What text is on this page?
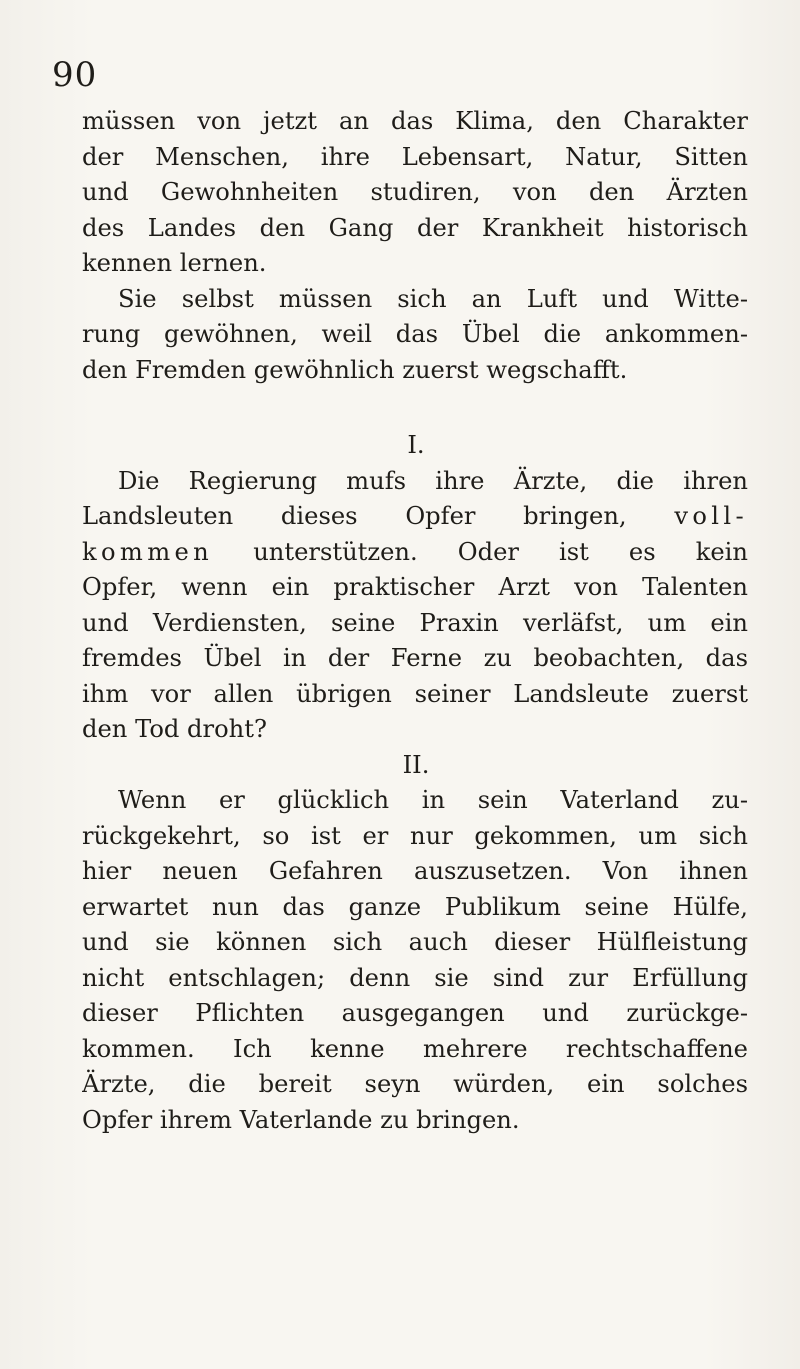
90
müssen von jetzt an das Klima, den Charakter
der Menschen, ihre Lebensart, Natur, Sitten
und Gewohnheiten studiren, von den Ärzten
des Landes den Gang der Krankheit historisch
kennen lernen.
Sie selbst müssen sich an Luft und Witte-
rung gewöhnen, weil das Übel die ankommen-
den Fremden gewöhnlich zuerst wegschafft.
I.
Die Regierung mufs ihre Ärzte, die ihren
Landsleuten dieses Opfer bringen, voll-
kommen unterstützen. Oder ist es kein
Opfer, wenn ein praktischer Arzt von Talenten
und Verdiensten, seine Praxin verläfst, um ein
fremdes Übel in der Ferne zu beobachten, das
ihm vor allen übrigen seiner Landsleute zuerst
den Tod droht?
II.
Wenn er glücklich in sein Vaterland zu-
rückgekehrt, so ist er nur gekommen, um sich
hier neuen Gefahren auszusetzen. Von ihnen
erwartet nun das ganze Publikum seine Hülfe,
und sie können sich auch dieser Hülfleistung
nicht entschlagen; denn sie sind zur Erfüllung
dieser Pflichten ausgegangen und zurückge-
kommen. Ich kenne mehrere rechtschaffene
Ärzte, die bereit seyn würden, ein solches
Opfer ihrem Vaterlande zu bringen.
